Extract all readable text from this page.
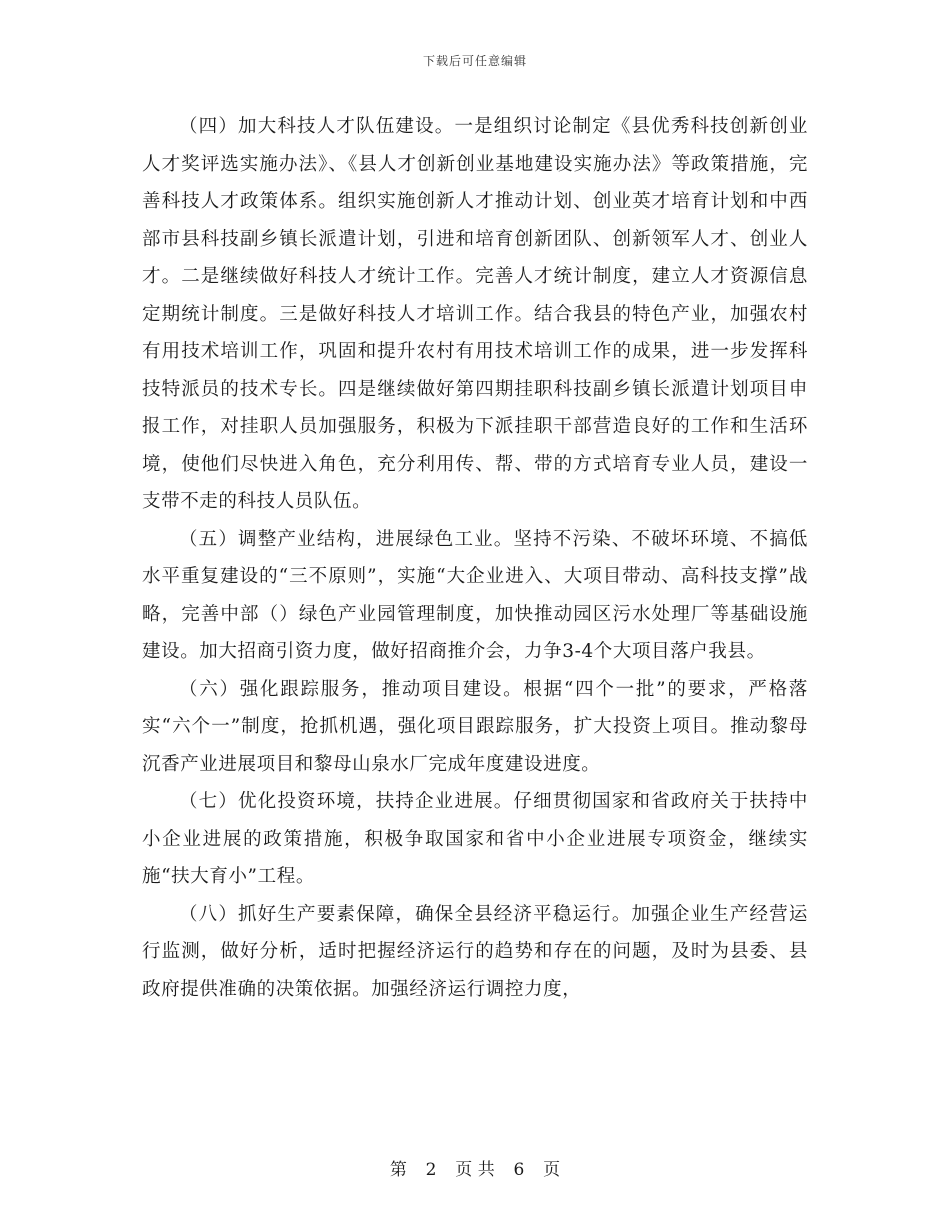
下载后可任意编辑

（四）加大科技人才队伍建设。一是组织讨论制定《县优秀科技创新创业人才奖评选实施办法》、《县人才创新创业基地建设实施办法》等政策措施，完善科技人才政策体系。组织实施创新人才推动计划、创业英才培育计划和中西部市县科技副乡镇长派遣计划，引进和培育创新团队、创新领军人才、创业人才。二是继续做好科技人才统计工作。完善人才统计制度，建立人才资源信息定期统计制度。三是做好科技人才培训工作。结合我县的特色产业，加强农村有用技术培训工作，巩固和提升农村有用技术培训工作的成果，进一步发挥科技特派员的技术专长。四是继续做好第四期挂职科技副乡镇长派遣计划项目申报工作，对挂职人员加强服务，积极为下派挂职干部营造良好的工作和生活环境，使他们尽快进入角色，充分利用传、帮、带的方式培育专业人员，建设一支带不走的科技人员队伍。

（五）调整产业结构，进展绿色工业。坚持不污染、不破坏环境、不搞低水平重复建设的“三不原则”，实施“大企业进入、大项目带动、高科技支撑”战略，完善中部（）绿色产业园管理制度，加快推动园区污水处理厂等基础设施建设。加大招商引资力度，做好招商推介会，力争3-4个大项目落户我县。

（六）强化跟踪服务，推动项目建设。根据“四个一批”的要求，严格落实“六个一”制度，抢抓机遇，强化项目跟踪服务，扩大投资上项目。推动黎母沉香产业进展项目和黎母山泉水厂完成年度建设进度。

（七）优化投资环境，扶持企业进展。仔细贯彻国家和省政府关于扶持中小企业进展的政策措施，积极争取国家和省中小企业进展专项资金，继续实施“扶大育小”工程。

（八）抓好生产要素保障，确保全县经济平稳运行。加强企业生产经营运行监测，做好分析，适时把握经济运行的趋势和存在的问题，及时为县委、县政府提供准确的决策依据。加强经济运行调控力度，

第 2 页 共 6 页
